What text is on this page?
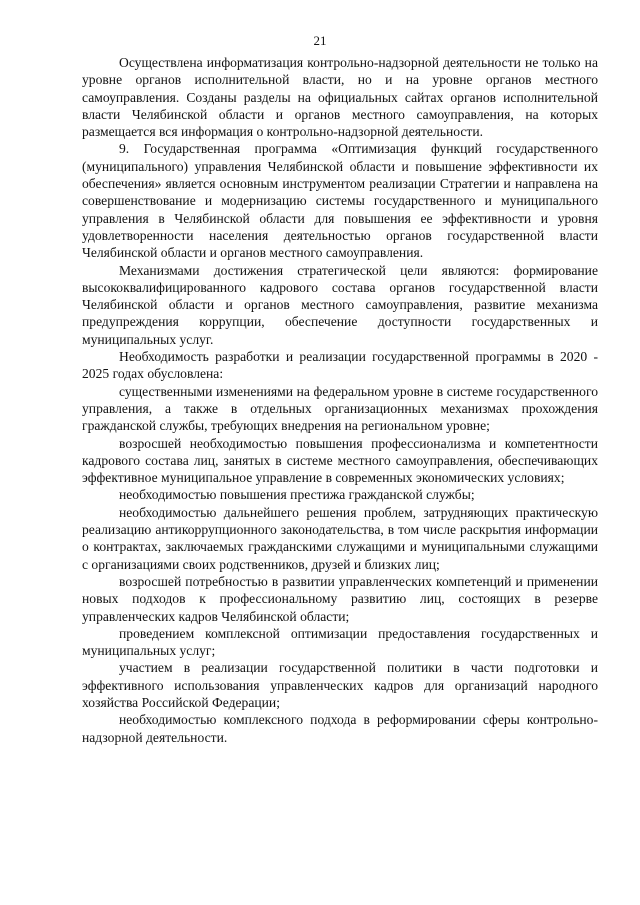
21

Осуществлена информатизация контрольно-надзорной деятельности не только на уровне органов исполнительной власти, но и на уровне органов местного самоуправления. Созданы разделы на официальных сайтах органов исполнительной власти Челябинской области и органов местного самоуправления, на которых размещается вся информация о контрольно-надзорной деятельности.

9. Государственная программа «Оптимизация функций государственного (муниципального) управления Челябинской области и повышение эффективности их обеспечения» является основным инструментом реализации Стратегии и направлена на совершенствование и модернизацию системы государственного и муниципального управления в Челябинской области для повышения ее эффективности и уровня удовлетворенности населения деятельностью органов государственной власти Челябинской области и органов местного самоуправления.

Механизмами достижения стратегической цели являются: формирование высококвалифицированного кадрового состава органов государственной власти Челябинской области и органов местного самоуправления, развитие механизма предупреждения коррупции, обеспечение доступности государственных и муниципальных услуг.

Необходимость разработки и реализации государственной программы в 2020 - 2025 годах обусловлена:

существенными изменениями на федеральном уровне в системе государственного управления, а также в отдельных организационных механизмах прохождения гражданской службы, требующих внедрения на региональном уровне;

возросшей необходимостью повышения профессионализма и компетентности кадрового состава лиц, занятых в системе местного самоуправления, обеспечивающих эффективное муниципальное управление в современных экономических условиях;

необходимостью повышения престижа гражданской службы;

необходимостью дальнейшего решения проблем, затрудняющих практическую реализацию антикоррупционного законодательства, в том числе раскрытия информации о контрактах, заключаемых гражданскими служащими и муниципальными служащими с организациями своих родственников, друзей и близких лиц;

возросшей потребностью в развитии управленческих компетенций и применении новых подходов к профессиональному развитию лиц, состоящих в резерве управленческих кадров Челябинской области;

проведением комплексной оптимизации предоставления государственных и муниципальных услуг;

участием в реализации государственной политики в части подготовки и эффективного использования управленческих кадров для организаций народного хозяйства Российской Федерации;

необходимостью комплексного подхода в реформировании сферы контрольно-надзорной деятельности.
